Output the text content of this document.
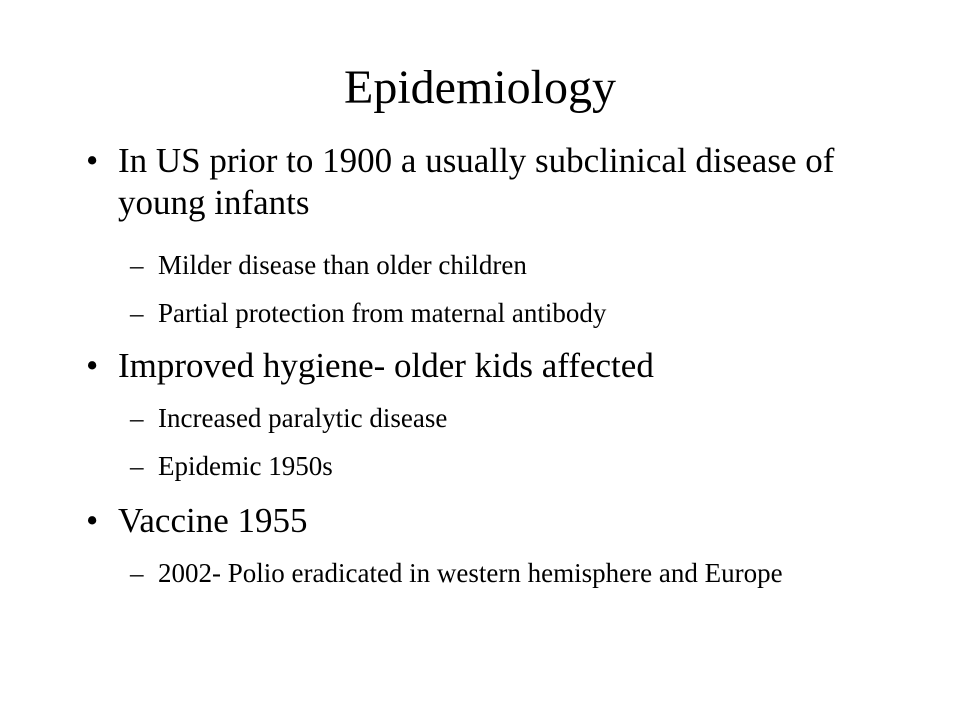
Epidemiology
• In US prior to 1900 a usually subclinical disease of young infants
– Milder disease than older children
– Partial protection from maternal antibody
• Improved hygiene- older kids affected
– Increased paralytic disease
– Epidemic 1950s
• Vaccine 1955
– 2002- Polio eradicated in western hemisphere and Europe
